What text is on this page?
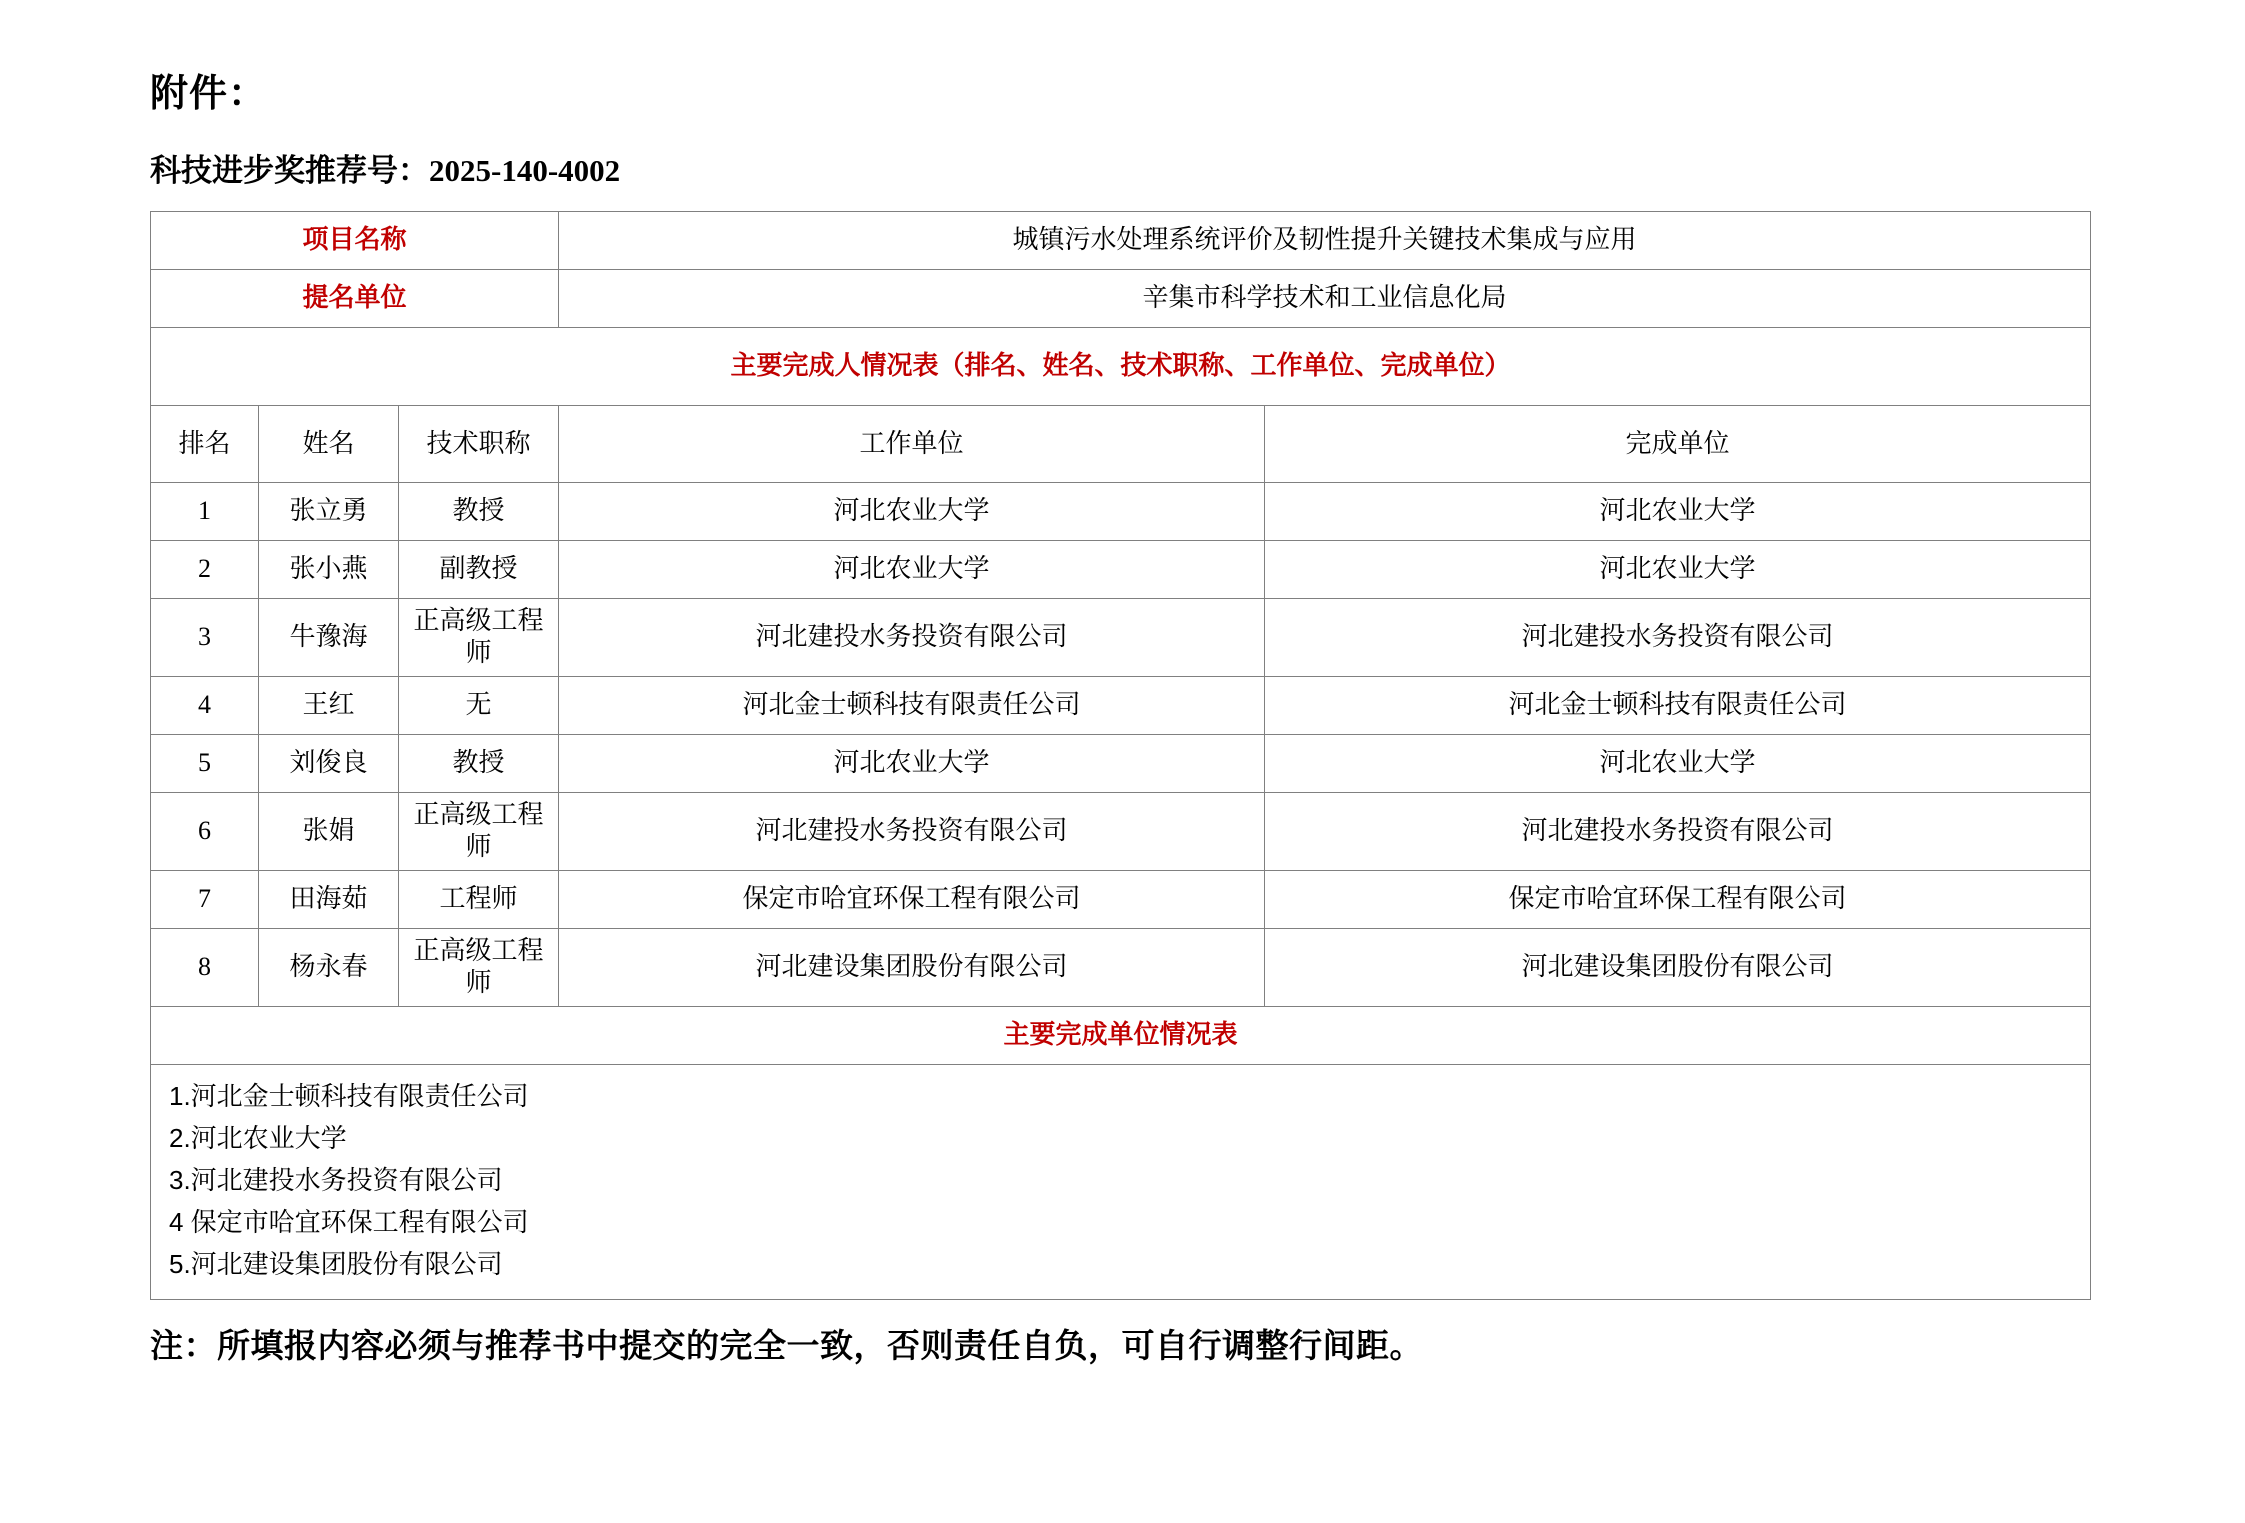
附件：
科技进步奖推荐号：2025-140-4002
项目名称			城镇污水处理系统评价及韧性提升关键技术集成与应用	
提名单位			辛集市科学技术和工业信息化局	
主要完成人情况表（排名、姓名、技术职称、工作单位、完成单位）				
排名	姓名	技术职称	工作单位	完成单位
1	张立勇	教授	河北农业大学	河北农业大学
2	张小燕	副教授	河北农业大学	河北农业大学
3	牛豫海	正高级工程师	河北建投水务投资有限公司	河北建投水务投资有限公司
4	王红	无	河北金士顿科技有限责任公司	河北金士顿科技有限责任公司
5	刘俊良	教授	河北农业大学	河北农业大学
6	张娟	正高级工程师	河北建投水务投资有限公司	河北建投水务投资有限公司
7	田海茹	工程师	保定市哈宜环保工程有限公司	保定市哈宜环保工程有限公司
8	杨永春	正高级工程师	河北建设集团股份有限公司	河北建设集团股份有限公司
主要完成单位情况表				

1.河北金士顿科技有限责任公司
2.河北农业大学
3.河北建投水务投资有限公司
4 保定市哈宜环保工程有限公司
5.河北建设集团股份有限公司				
注：所填报内容必须与推荐书中提交的完全一致，否则责任自负，可自行调整行间距。
